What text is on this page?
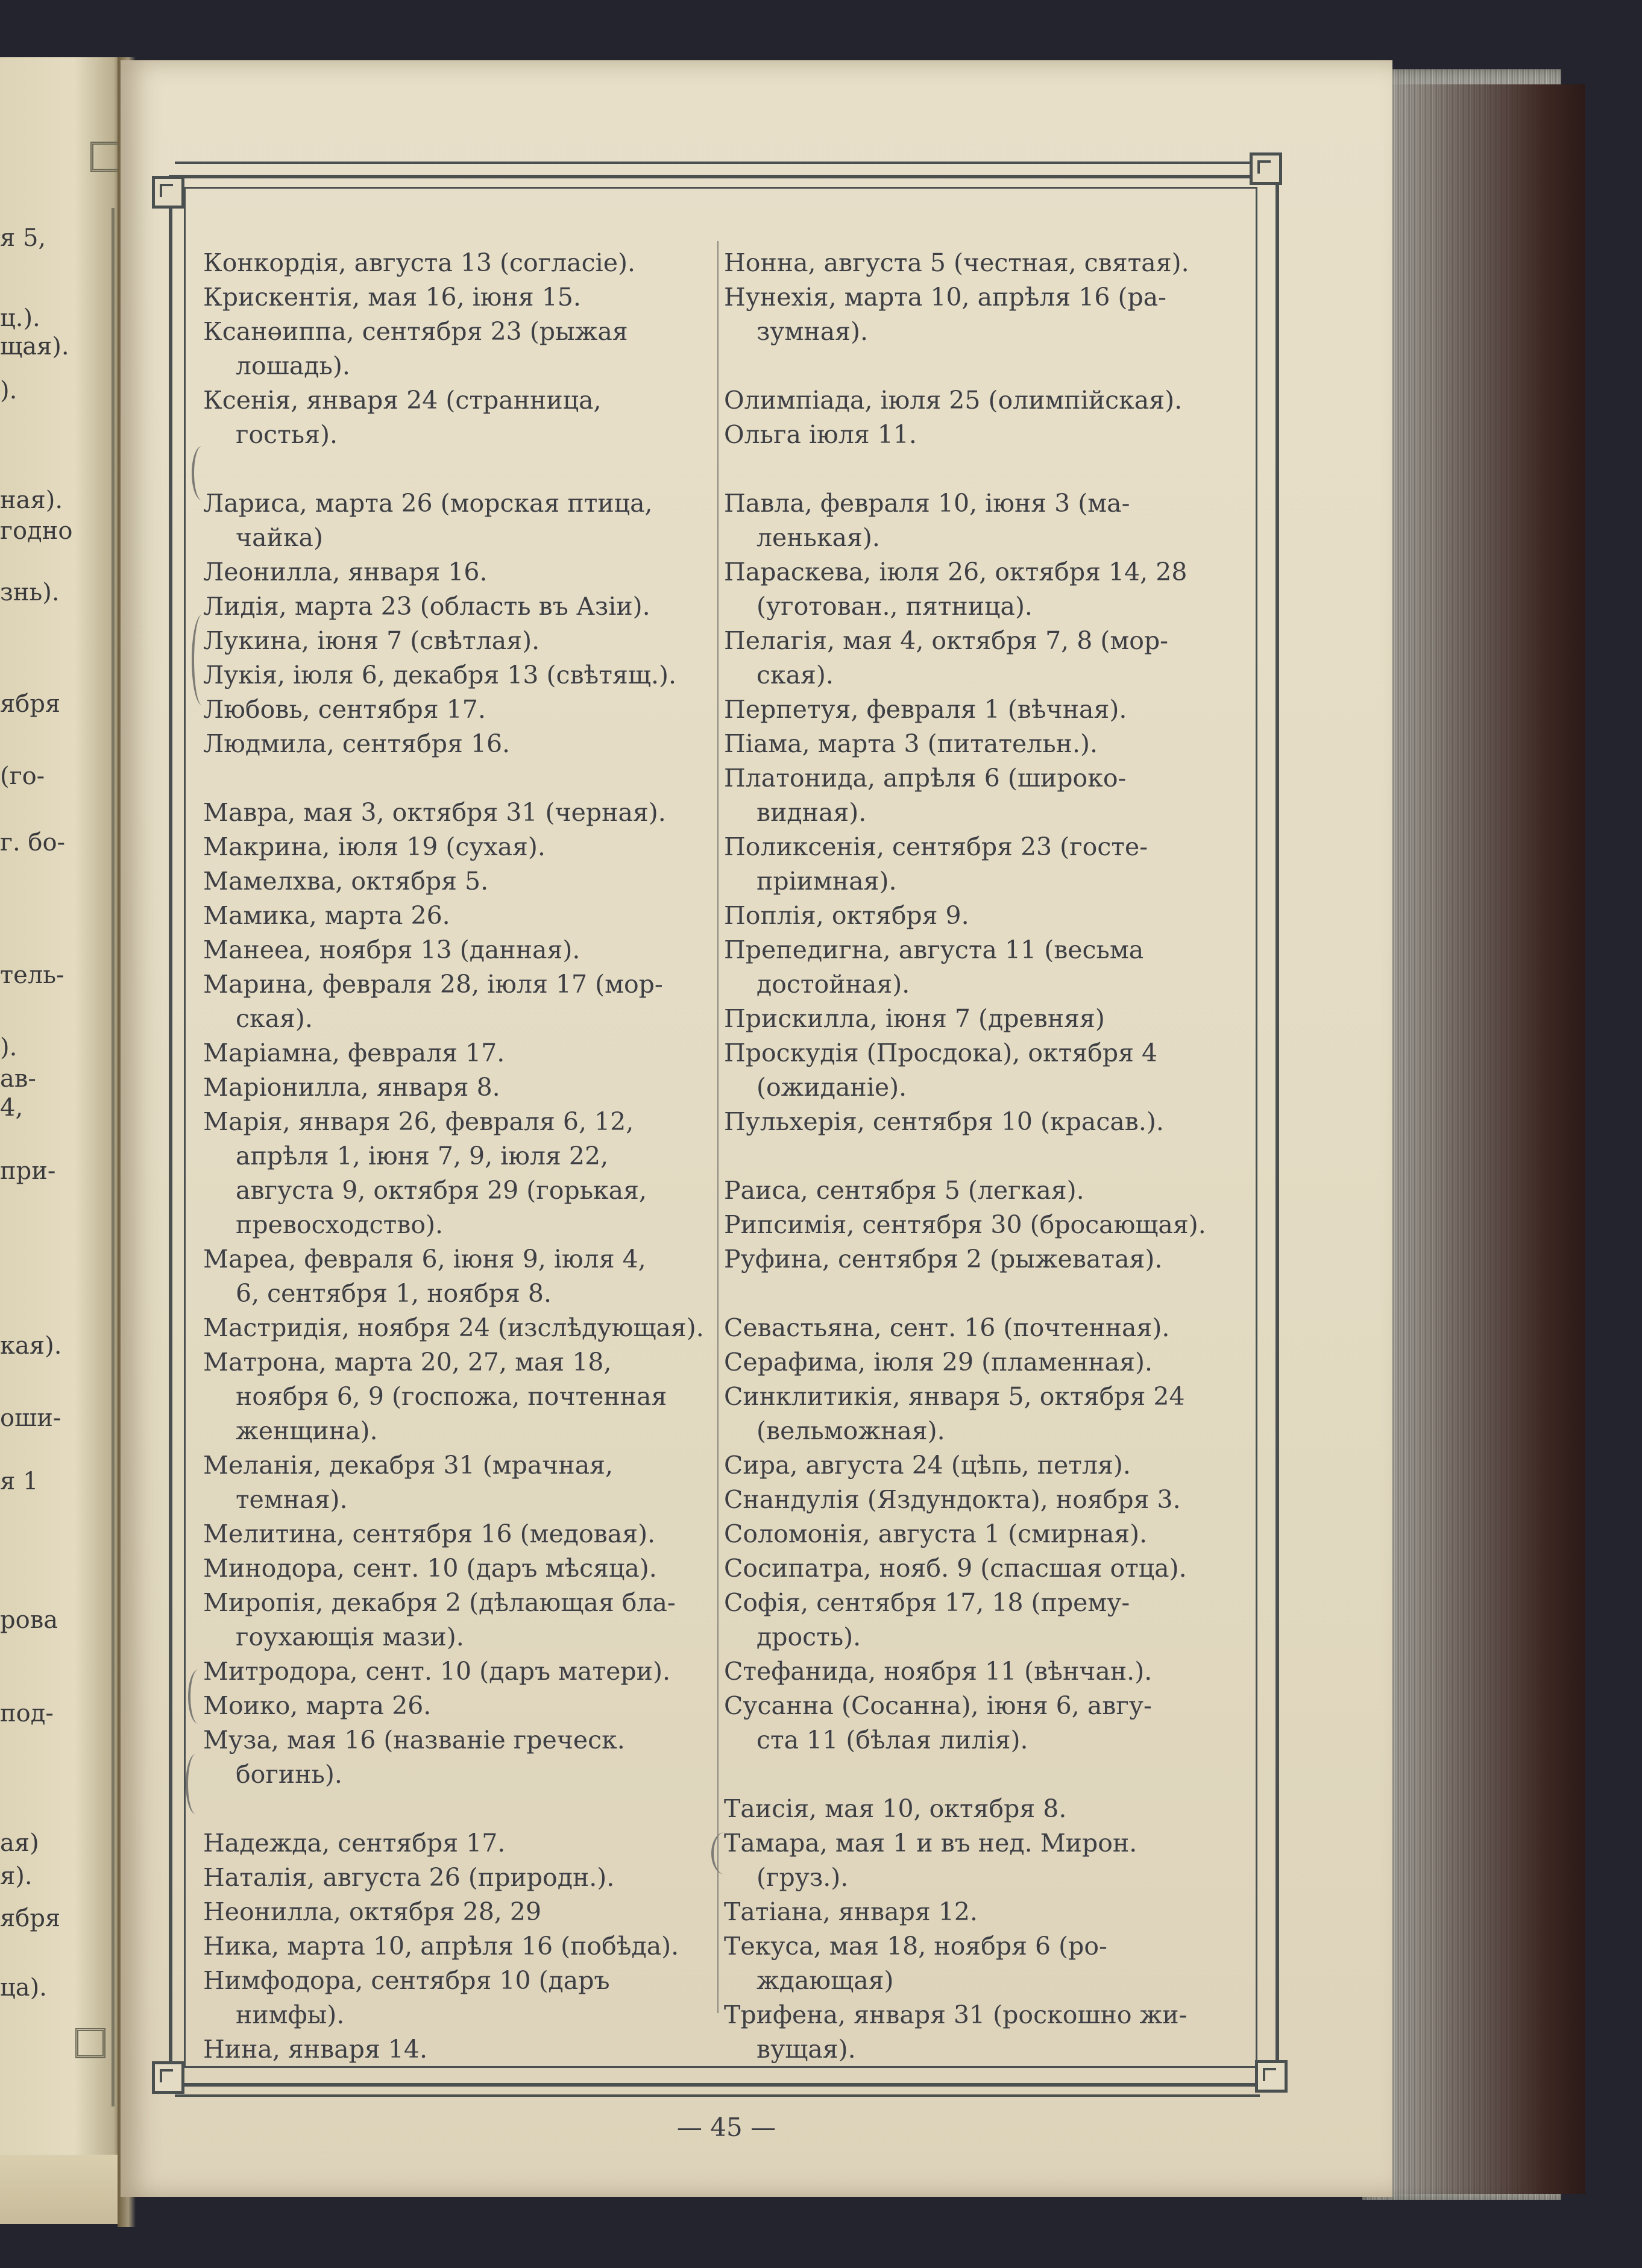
я 5,
ц.).
щая).
).
ная).
годно
знь).
ября
(го-
г. бо-
тель-
).
ав-
4,
при-
кая).
оши-
я 1
рова
под-
ая)
я).
ября
ца).

Конкордія, августа 13 (согласіе).

Крискентія, мая 16, іюня 15.

Ксанөиппа, сентября 23 (рыжая
лошадь).

Ксенія, января 24 (странница,
гостья).

Лариса, марта 26 (морская птица,
чайка)

Леонилла, января 16.

Лидія, марта 23 (область въ Азіи).

Лукина, іюня 7 (свѣтлая).

Лукія, іюля 6, декабря 13 (свѣтящ.).

Любовь, сентября 17.

Людмила, сентября 16.

Мавра, мая 3, октября 31 (черная).

Макрина, іюля 19 (сухая).

Мамелхва, октября 5.

Мамика, марта 26.

Манееа, ноября 13 (данная).

Марина, февраля 28, іюля 17 (мор-
ская).

Маріамна, февраля 17.

Маріонилла, января 8.

Марія, января 26, февраля 6, 12,
апрѣля 1, іюня 7, 9, іюля 22,
августа 9, октября 29 (горькая,
превосходство).

Мареа, февраля 6, іюня 9, іюля 4,
6, сентября 1, ноября 8.

Мастридія, ноября 24 (изслѣдующая).

Матрона, марта 20, 27, мая 18,
ноября 6, 9 (госпожа, почтенная
женщина).

Меланія, декабря 31 (мрачная,
темная).

Мелитина, сентября 16 (медовая).

Минодора, сент. 10 (даръ мѣсяца).

Миропія, декабря 2 (дѣлающая бла-
гоухающія мази).

Митродора, сент. 10 (даръ матери).

Моико, марта 26.

Муза, мая 16 (названіе греческ.
богинь).

Надежда, сентября 17.

Наталія, августа 26 (природн.).

Неонилла, октября 28, 29

Ника, марта 10, апрѣля 16 (побѣда).

Нимфодора, сентября 10 (даръ
нимфы).

Нина, января 14.

Нонна, августа 5 (честная, святая).

Нунехія, марта 10, апрѣля 16 (ра-
зумная).

Олимпіада, іюля 25 (олимпійская).

Ольга іюля 11.

Павла, февраля 10, іюня 3 (ма-
ленькая).

Параскева, іюля 26, октября 14, 28
(уготован., пятница).

Пелагія, мая 4, октября 7, 8 (мор-
ская).

Перпетуя, февраля 1 (вѣчная).

Піама, марта 3 (питательн.).

Платонида, апрѣля 6 (широко-
видная).

Поликсенія, сентября 23 (госте-
пріимная).

Поплія, октября 9.

Препедигна, августа 11 (весьма
достойная).

Прискилла, іюня 7 (древняя)

Проскудія (Просдока), октября 4
(ожиданіе).

Пульхерія, сентября 10 (красав.).

Раиса, сентября 5 (легкая).

Рипсимія, сентября 30 (бросающая).

Руфина, сентября 2 (рыжеватая).

Севастьяна, сент. 16 (почтенная).

Серафима, іюля 29 (пламенная).

Синклитикія, января 5, октября 24
(вельможная).

Сира, августа 24 (цѣпь, петля).

Снандулія (Яздундокта), ноября 3.

Соломонія, августа 1 (смирная).

Сосипатра, нояб. 9 (спасшая отца).

Софія, сентября 17, 18 (прему-
дрость).

Стефанида, ноября 11 (вѣнчан.).

Сусанна (Сосанна), іюня 6, авгу-
ста 11 (бѣлая лилія).

Таисія, мая 10, октября 8.

Тамара, мая 1 и въ нед. Мирон.
(груз.).

Татіана, января 12.

Текуса, мая 18, ноября 6 (ро-
ждающая)

Трифена, января 31 (роскошно жи-
вущая).

— 45 —
